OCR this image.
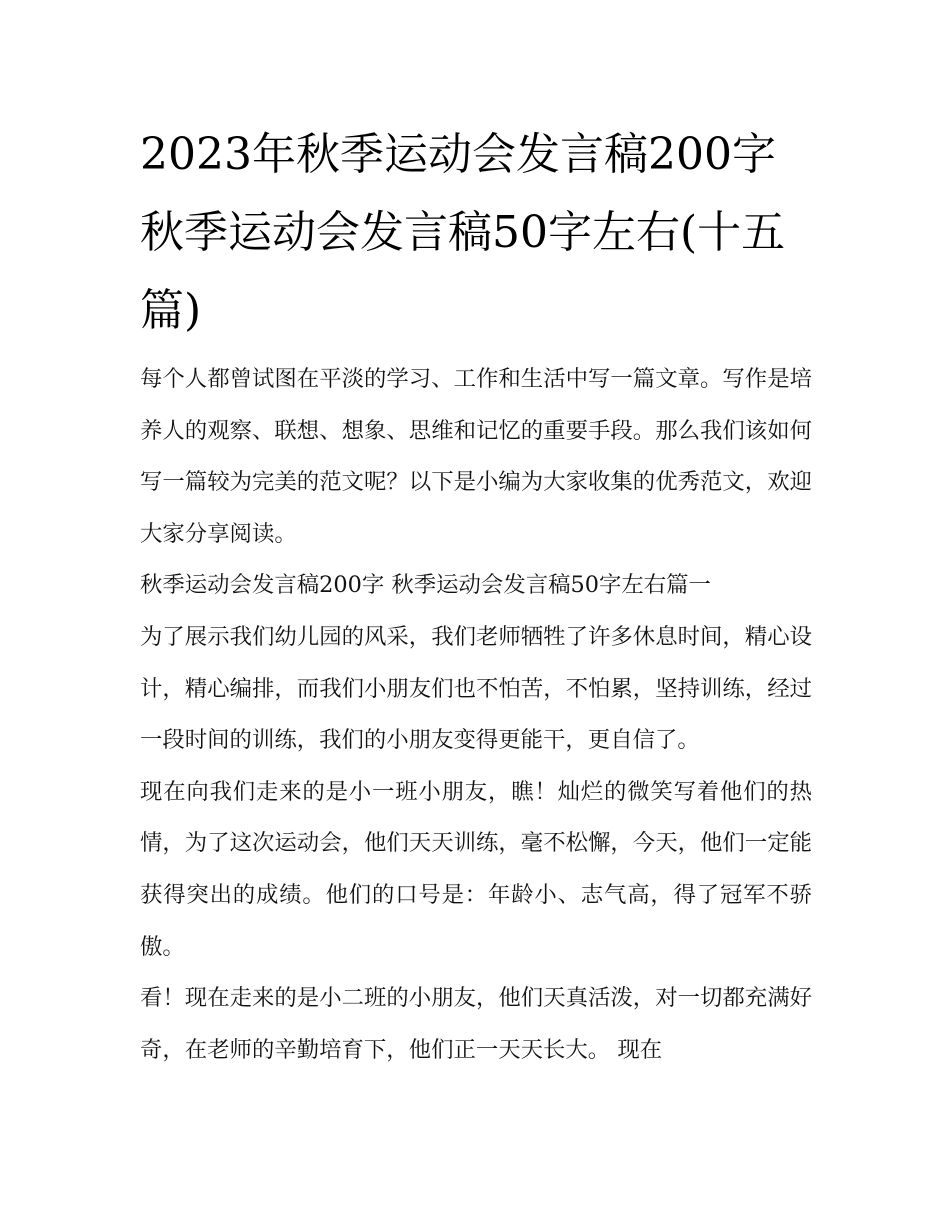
2023年秋季运动会发言稿200字 秋季运动会发言稿50字左右(十五篇)

每个人都曾试图在平淡的学习、工作和生活中写一篇文章。写作是培养人的观察、联想、想象、思维和记忆的重要手段。那么我们该如何写一篇较为完美的范文呢？以下是小编为大家收集的优秀范文，欢迎大家分享阅读。

秋季运动会发言稿200字 秋季运动会发言稿50字左右篇一

为了展示我们幼儿园的风采，我们老师牺牲了许多休息时间，精心设计，精心编排，而我们小朋友们也不怕苦，不怕累，坚持训练，经过一段时间的训练，我们的小朋友变得更能干，更自信了。

现在向我们走来的是小一班小朋友，瞧！灿烂的微笑写着他们的热情，为了这次运动会，他们天天训练，毫不松懈，今天，他们一定能获得突出的成绩。他们的口号是：年龄小、志气高，得了冠军不骄傲。

看！现在走来的是小二班的小朋友，他们天真活泼，对一切都充满好奇，在老师的辛勤培育下，他们正一天天长大。 现在
